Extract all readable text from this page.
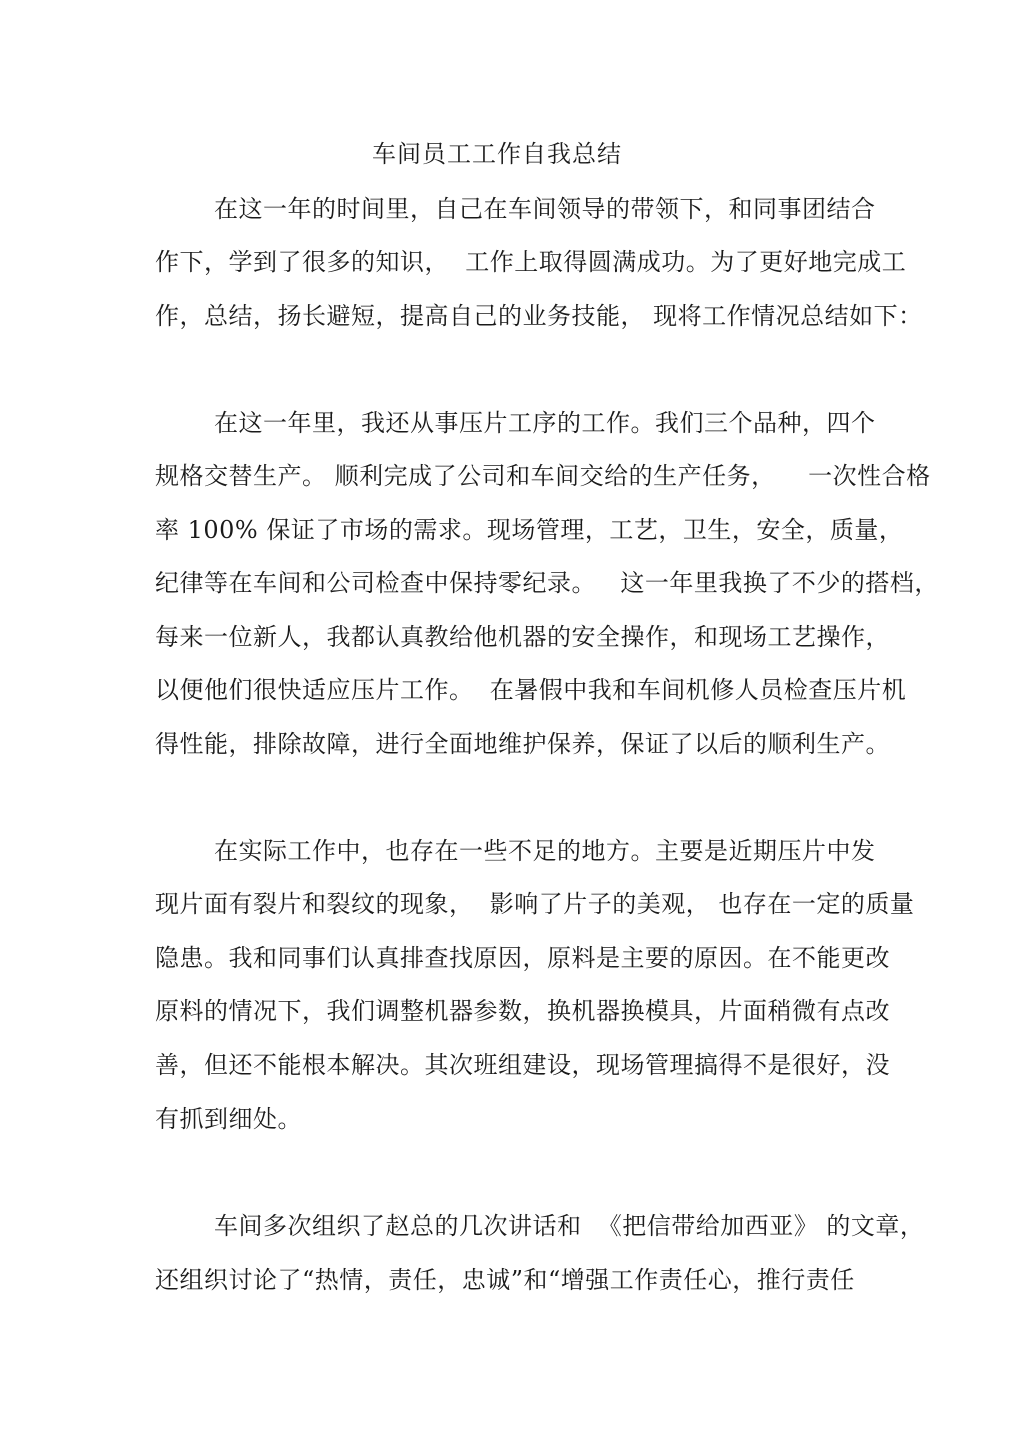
车间员工工作自我总结
在这一年的时间里，自己在车间领导的带领下，和同事团结合
作下，学到了很多的知识，  工作上取得圆满成功。为了更好地完成工
作，总结，扬长避短，提高自己的业务技能， 现将工作情况总结如下：
在这一年里，我还从事压片工序的工作。我们三个品种，四个
规格交替生产。 顺利完成了公司和车间交给的生产任务，    一次性合格
率 100% 保证了市场的需求。现场管理，工艺，卫生，安全，质量，
纪律等在车间和公司检查中保持零纪录。   这一年里我换了不少的搭档，
每来一位新人，我都认真教给他机器的安全操作，和现场工艺操作，
以便他们很快适应压片工作。  在暑假中我和车间机修人员检查压片机
得性能，排除故障，进行全面地维护保养，保证了以后的顺利生产。
在实际工作中，也存在一些不足的地方。主要是近期压片中发
现片面有裂片和裂纹的现象，  影响了片子的美观， 也存在一定的质量
隐患。我和同事们认真排查找原因，原料是主要的原因。在不能更改
原料的情况下，我们调整机器参数，换机器换模具，片面稍微有点改
善，但还不能根本解决。其次班组建设，现场管理搞得不是很好，没
有抓到细处。
车间多次组织了赵总的几次讲话和  《把信带给加西亚》 的文章，
还组织讨论了“热情，责任，忠诚”和“增强工作责任心，推行责任
